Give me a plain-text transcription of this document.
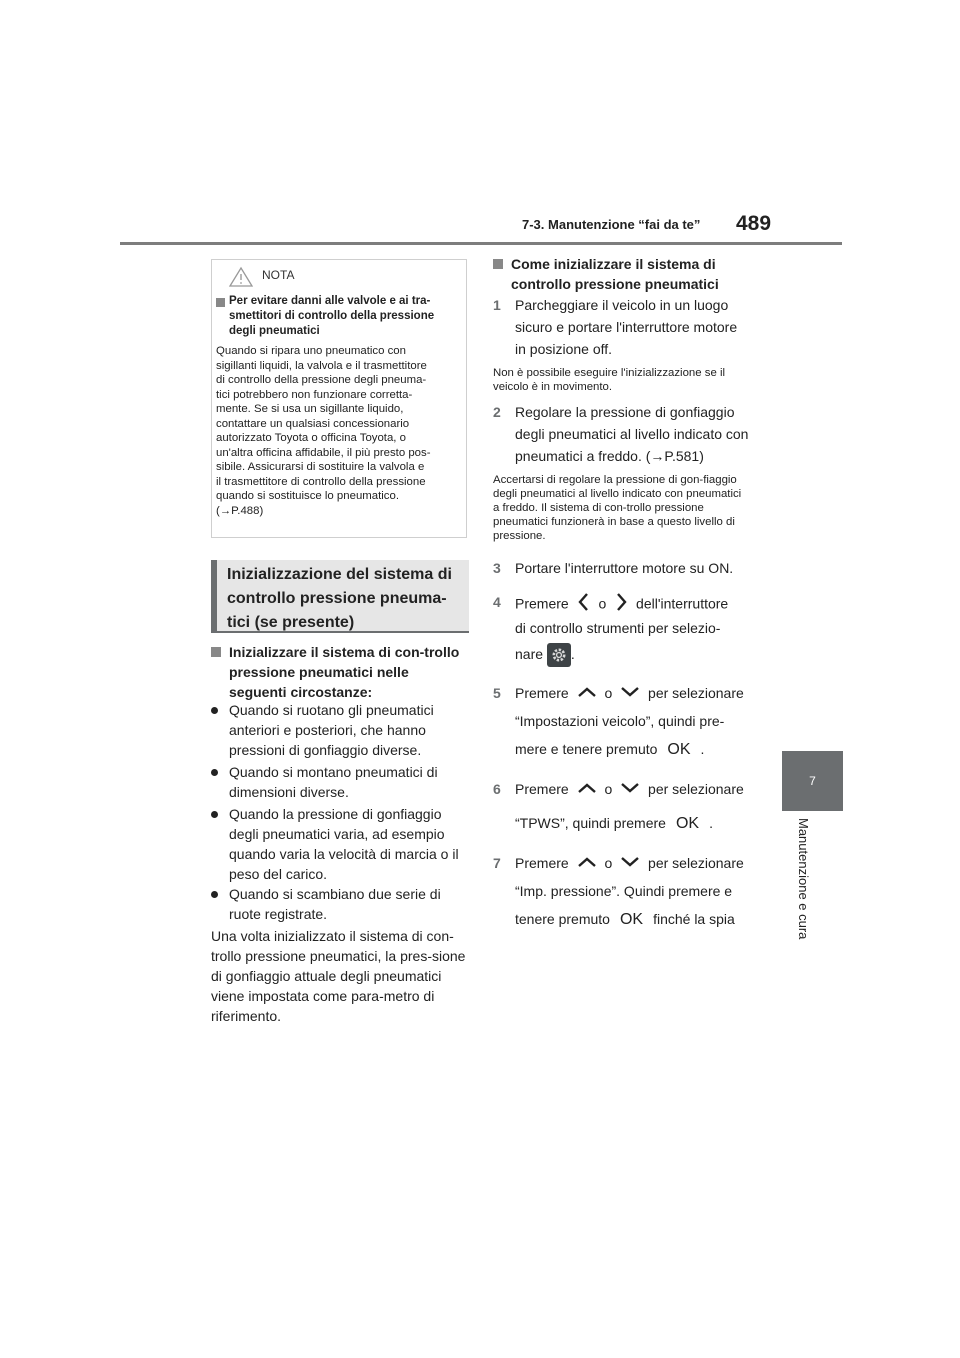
7-3. Manutenzione “fai da te” 489
7
Manutenzione e cura
NOTA
Per evitare danni alle valvole e ai tra-smettitori di controllo della pressione degli pneumatici
Quando si ripara uno pneumatico con
sigillanti liquidi, la valvola e il trasmettitore
di controllo della pressione degli pneuma-
tici potrebbero non funzionare corretta-
mente. Se si usa un sigillante liquido,
contattare un qualsiasi concessionario
autorizzato Toyota o officina Toyota, o
un'altra officina affidabile, il più presto pos-
sibile. Assicurarsi di sostituire la valvola e
il trasmettitore di controllo della pressione
quando si sostituisce lo pneumatico.
(→P.488)
Inizializzazione del sistema di controllo pressione pneuma-tici (se presente)
Inizializzare il sistema di con-trollo pressione pneumatici nelle seguenti circostanze:
Quando si ruotano gli pneumatici anteriori e posteriori, che hanno pressioni di gonfiaggio diverse.
Quando si montano pneumatici di dimensioni diverse.
Quando la pressione di gonfiaggio degli pneumatici varia, ad esempio quando varia la velocità di marcia o il peso del carico.
Quando si scambiano due serie di ruote registrate.
Una volta inizializzato il sistema di con-trollo pressione pneumatici, la pres-sione di gonfiaggio attuale degli pneumatici viene impostata come para-metro di riferimento.
Come inizializzare il sistema di controllo pressione pneumatici
1 Parcheggiare il veicolo in un luogo sicuro e portare l'interruttore motore in posizione off.
Non è possibile eseguire l'inizializzazione se il veicolo è in movimento.
2 Regolare la pressione di gonfiaggio degli pneumatici al livello indicato con pneumatici a freddo. (→P.581)
Accertarsi di regolare la pressione di gon-fiaggio degli pneumatici al livello indicato con pneumatici a freddo. Il sistema di con-trollo pressione pneumatici funzionerà in base a questo livello di pressione.
3 Portare l'interruttore motore su ON.
4 Premere o dell'interruttore
di controllo strumenti per selezio-
nare .
5 Premere	o	per selezionare
“Impostazioni veicolo”, quindi pre-
mere e tenere premuto OK .
6 Premere	o	per selezionare
“TPWS”, quindi premere OK .
7 Premere	o	per selezionare
“Imp. pressione”. Quindi premere e
tenere premuto OK finché la spia
